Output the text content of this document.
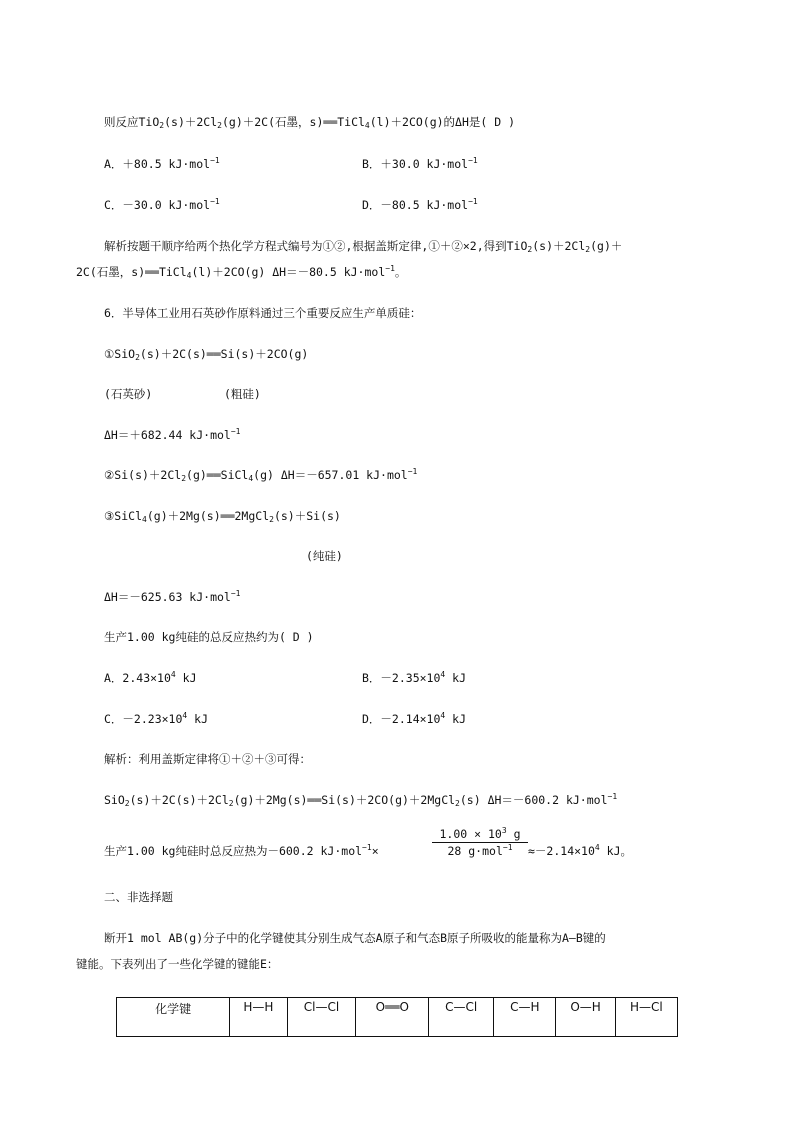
则反应$TiO_2(s)+2Cl_2(g)+2C$(石墨，s)══TiCl$_4$(l)＋2CO(g)的ΔH是( D )
A．＋80.5 kJ·mol$^{-1}$	B．＋30.0 kJ·mol$^{-1}$
C．－30.0 kJ·mol$^{-1}$	D．－80.5 kJ·mol$^{-1}$
解析按题干顺序给两个热化学方程式编号为①②,根据盖斯定律,①＋②×2,得到$TiO_2(s)+2Cl_2(g)+$
2C(石墨，s)══TiCl$_4$(l)＋2CO(g) ΔH＝－80.5 kJ·mol$^{-1}$。
6．半导体工业用石英砂作原料通过三个重要反应生产单质硅：
①SiO$_2$(s)＋2C(s)══Si(s)＋2CO(g)
(石英砂)	(粗硅)
ΔH＝＋682.44 kJ·mol$^{-1}$
$②Si(s)+2Cl_2(g)══SiCl_4(g)$ ΔH＝－657.01 kJ·mol$^{-1}$
③SiCl$_4$(g)＋2Mg(s)══2MgCl$_2$(s)＋Si(s)
(纯硅)
ΔH＝－625.63 kJ·mol$^{-1}$
生产1.00 kg纯硅的总反应热约为( D )
A．$2.43\times 10^4$ kJ	B．$-2.35\times 10^4$ kJ
C．$-2.23\times 10^4$ kJ	D．$-2.14\times 10^4$ kJ
解析：利用盖斯定律将①＋②＋③可得：
$SiO_2(s)+2C(s)+2Cl_2(g)+2Mg(s)══Si(s)+2CO(g)+2MgCl_2(s)$ ΔH＝－600.2 kJ·mol$^{-1}$
生产1.00 kg纯硅时总反应热为－600.2 kJ·mol$^{-1}$×
$1.00 \times 10^3$ g
28 g·mol$^{-1}$	$\approx-2.14\times 10^4$ kJ。
二、非选择题
断开1 mol AB(g)分子中的化学键使其分别生成气态A原子和气态B原子所吸收的能量称为A—B键的
键能。下表列出了一些化学键的键能E：
化学键	H—H	Cl—Cl	O══O	C—Cl	C—H	O—H	H—Cl
